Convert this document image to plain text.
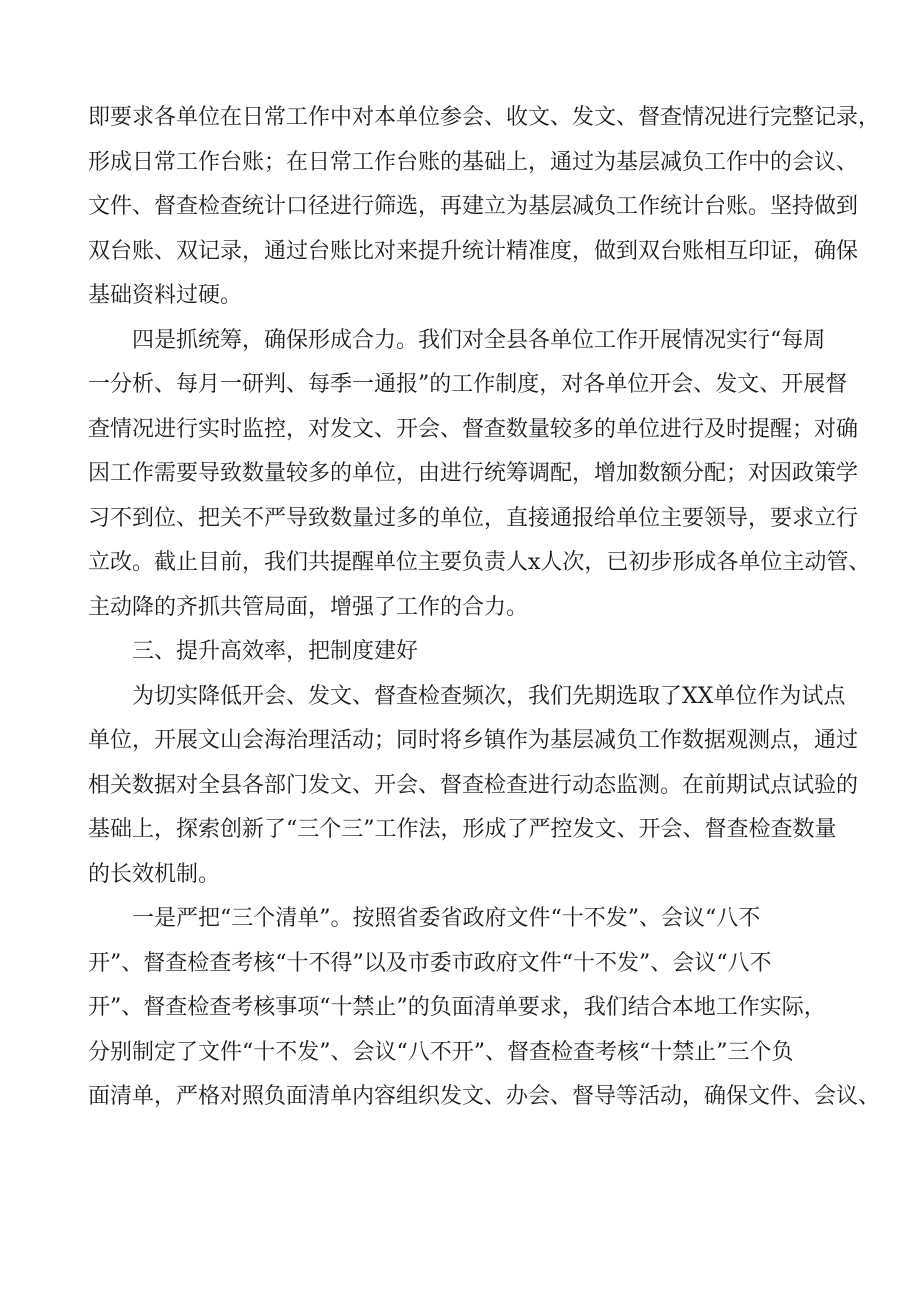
即要求各单位在日常工作中对本单位参会、收文、发文、督查情况进行完整记录，
形成日常工作台账；在日常工作台账的基础上，通过为基层减负工作中的会议、
文件、督查检查统计口径进行筛选，再建立为基层减负工作统计台账。坚持做到
双台账、双记录，通过台账比对来提升统计精准度，做到双台账相互印证，确保
基础资料过硬。

四是抓统筹，确保形成合力。我们对全县各单位工作开展情况实行“每周
一分析、每月一研判、每季一通报”的工作制度，对各单位开会、发文、开展督
查情况进行实时监控，对发文、开会、督查数量较多的单位进行及时提醒；对确
因工作需要导致数量较多的单位，由进行统筹调配，增加数额分配；对因政策学
习不到位、把关不严导致数量过多的单位，直接通报给单位主要领导，要求立行
立改。截止目前，我们共提醒单位主要负责人x人次，已初步形成各单位主动管、
主动降的齐抓共管局面，增强了工作的合力。

三、提升高效率，把制度建好

为切实降低开会、发文、督查检查频次，我们先期选取了XX单位作为试点
单位，开展文山会海治理活动；同时将乡镇作为基层减负工作数据观测点，通过
相关数据对全县各部门发文、开会、督查检查进行动态监测。在前期试点试验的
基础上，探索创新了“三个三”工作法，形成了严控发文、开会、督查检查数量
的长效机制。

一是严把“三个清单”。按照省委省政府文件“十不发”、会议“八不
开”、督查检查考核“十不得”以及市委市政府文件“十不发”、会议“八不
开”、督查检查考核事项“十禁止”的负面清单要求，我们结合本地工作实际，
分别制定了文件“十不发”、会议“八不开”、督查检查考核“十禁止”三个负
面清单，严格对照负面清单内容组织发文、办会、督导等活动，确保文件、会议、
